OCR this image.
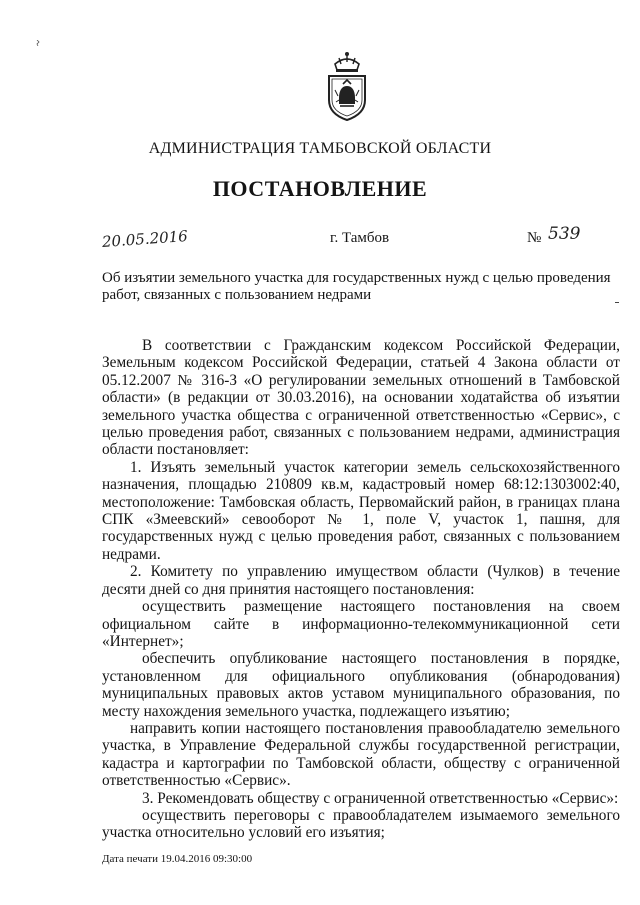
АДМИНИСТРАЦИЯ ТАМБОВСКОЙ ОБЛАСТИ
ПОСТАНОВЛЕНИЕ
20.05.2016	г. Тамбов	№ 539
Об изъятии земельного участка для государственных нужд с целью проведения работ, связанных с пользованием недрами

В соответствии с Гражданским кодексом Российской Федерации, Земельным кодексом Российской Федерации, статьей 4 Закона области от 05.12.2007 № 316-З «О регулировании земельных отношений в Тамбовской области» (в редакции от 30.03.2016), на основании ходатайства об изъятии земельного участка общества с ограниченной ответственностью «Сервис», с целью проведения работ, связанных с пользованием недрами, администрация области постановляет:

1. Изъять земельный участок категории земель сельскохозяйственного назначения, площадью 210809 кв.м, кадастровый номер 68:12:1303002:40, местоположение: Тамбовская область, Первомайский район, в границах плана СПК «Змеевский» севооборот № 1, поле V, участок 1, пашня, для государственных нужд с целью проведения работ, связанных с пользованием недрами.

2. Комитету по управлению имуществом области (Чулков) в течение десяти дней со дня принятия настоящего постановления:

осуществить размещение настоящего постановления на своем официальном сайте в информационно-телекоммуникационной сети «Интернет»;

обеспечить опубликование настоящего постановления в порядке, установленном для официального опубликования (обнародования) муниципальных правовых актов уставом муниципального образования, по месту нахождения земельного участка, подлежащего изъятию;

направить копии настоящего постановления правообладателю земельного участка, в Управление Федеральной службы государственной регистрации, кадастра и картографии по Тамбовской области, обществу с ограниченной ответственностью «Сервис».

3. Рекомендовать обществу с ограниченной ответственностью «Сервис»:

осуществить переговоры с правообладателем изымаемого земельного участка относительно условий его изъятия;

Дата печати 19.04.2016 09:30:00
